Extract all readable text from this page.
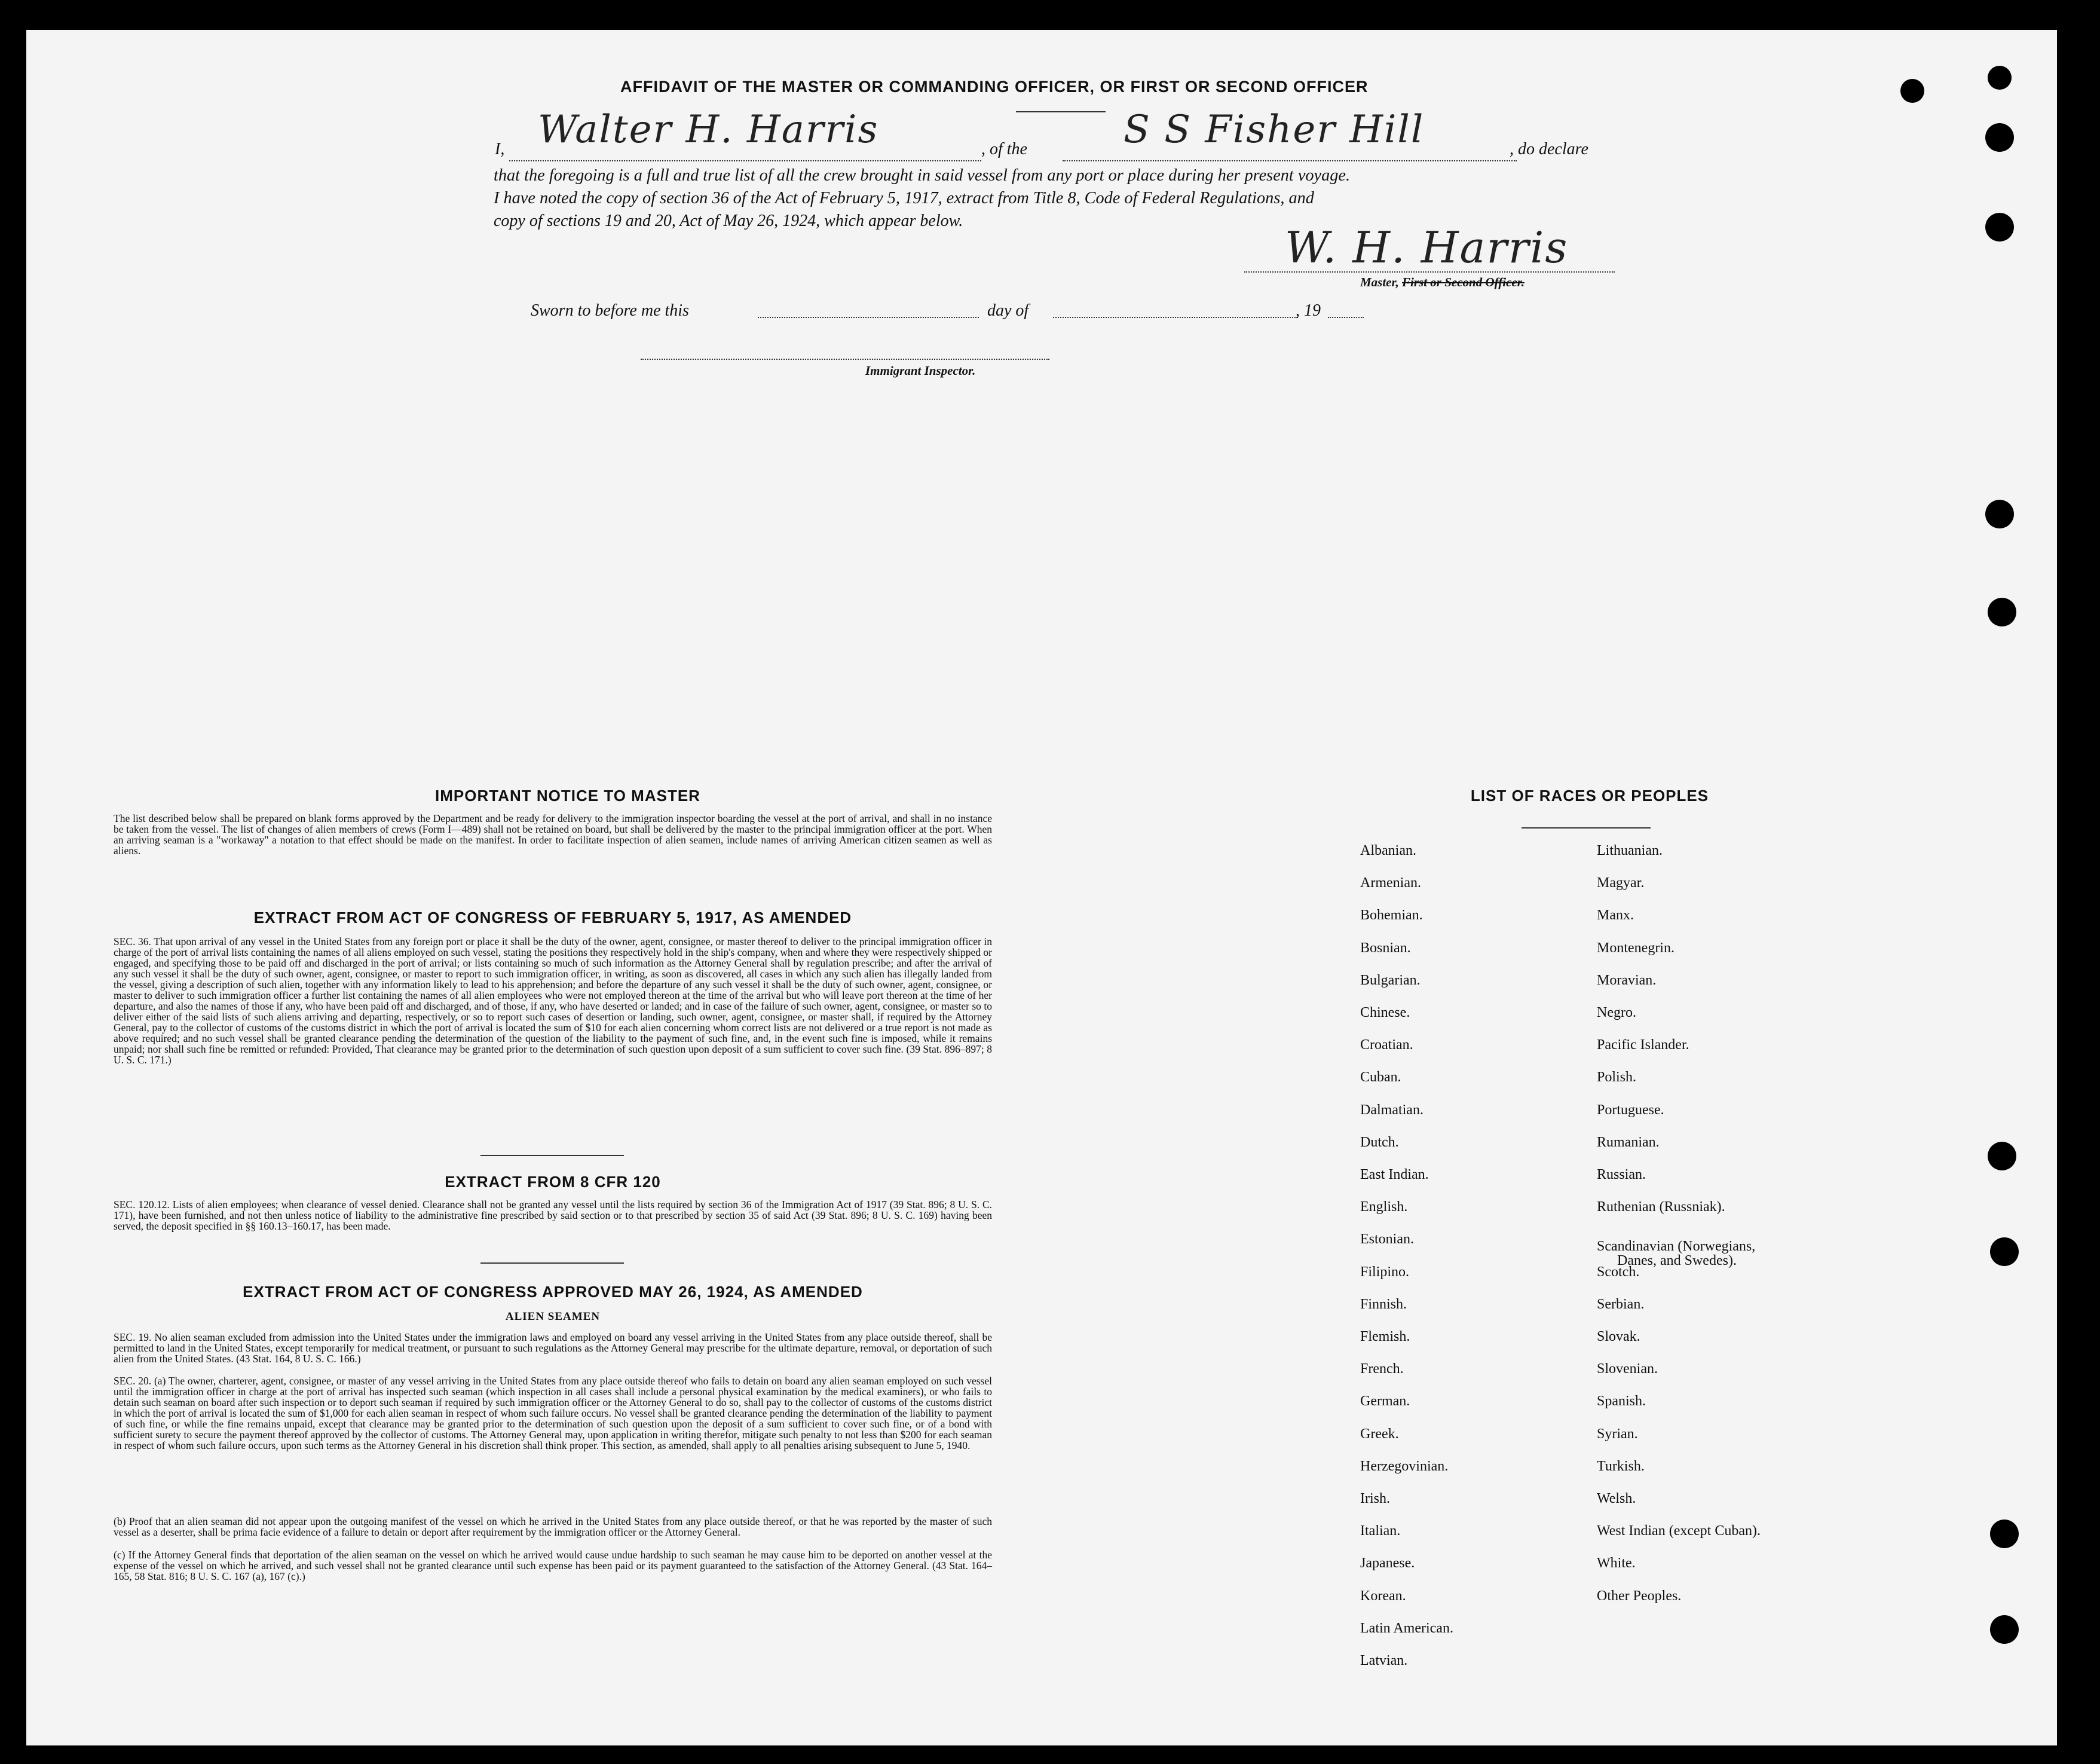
AFFIDAVIT OF THE MASTER OR COMMANDING OFFICER, OR FIRST OR SECOND OFFICER
I, Walter H. Harris	, of the	S S Fisher Hill	, do declare
that the foregoing is a full and true list of all the crew brought in said vessel from any port or place during her present voyage.
I have noted the copy of section 36 of the Act of February 5, 1917, extract from Title 8, Code of Federal Regulations, and
copy of sections 19 and 20, Act of May 26, 1924, which appear below.
W. H. Harris
Master, First or Second Officer.
Sworn to before me this	day of	, 19
Immigrant Inspector.
IMPORTANT NOTICE TO MASTER
The list described below shall be prepared on blank forms approved by the Department and be ready for delivery to the immigration inspector boarding the vessel at the port of arrival, and shall in no instance be taken from the vessel. The list of changes of alien members of crews (Form I—489) shall not be retained on board, but shall be delivered by the master to the principal immigration officer at the port. When an arriving seaman is a "workaway" a notation to that effect should be made on the manifest. In order to facilitate inspection of alien seamen, include names of arriving American citizen seamen as well as aliens.
EXTRACT FROM ACT OF CONGRESS OF FEBRUARY 5, 1917, AS AMENDED
SEC. 36. That upon arrival of any vessel in the United States from any foreign port or place it shall be the duty of the owner, agent, consignee, or master thereof to deliver to the principal immigration officer in charge of the port of arrival lists containing the names of all aliens employed on such vessel, stating the positions they respectively hold in the ship's company, when and where they were respectively shipped or engaged, and specifying those to be paid off and discharged in the port of arrival; or lists containing so much of such information as the Attorney General shall by regulation prescribe; and after the arrival of any such vessel it shall be the duty of such owner, agent, consignee, or master to report to such immigration officer, in writing, as soon as discovered, all cases in which any such alien has illegally landed from the vessel, giving a description of such alien, together with any information likely to lead to his apprehension; and before the departure of any such vessel it shall be the duty of such owner, agent, consignee, or master to deliver to such immigration officer a further list containing the names of all alien employees who were not employed thereon at the time of the arrival but who will leave port thereon at the time of her departure, and also the names of those if any, who have been paid off and discharged, and of those, if any, who have deserted or landed; and in case of the failure of such owner, agent, consignee, or master so to deliver either of the said lists of such aliens arriving and departing, respectively, or so to report such cases of desertion or landing, such owner, agent, consignee, or master shall, if required by the Attorney General, pay to the collector of customs of the customs district in which the port of arrival is located the sum of $10 for each alien concerning whom correct lists are not delivered or a true report is not made as above required; and no such vessel shall be granted clearance pending the determination of the question of the liability to the payment of such fine, and, in the event such fine is imposed, while it remains unpaid; nor shall such fine be remitted or refunded: Provided, That clearance may be granted prior to the determination of such question upon deposit of a sum sufficient to cover such fine. (39 Stat. 896–897; 8 U. S. C. 171.)
EXTRACT FROM 8 CFR 120
SEC. 120.12. Lists of alien employees; when clearance of vessel denied. Clearance shall not be granted any vessel until the lists required by section 36 of the Immigration Act of 1917 (39 Stat. 896; 8 U. S. C. 171), have been furnished, and not then unless notice of liability to the administrative fine prescribed by said section or to that prescribed by section 35 of said Act (39 Stat. 896; 8 U. S. C. 169) having been served, the deposit specified in §§ 160.13–160.17, has been made.
EXTRACT FROM ACT OF CONGRESS APPROVED MAY 26, 1924, AS AMENDED
ALIEN SEAMEN
SEC. 19. No alien seaman excluded from admission into the United States under the immigration laws and employed on board any vessel arriving in the United States from any place outside thereof, shall be permitted to land in the United States, except temporarily for medical treatment, or pursuant to such regulations as the Attorney General may prescribe for the ultimate departure, removal, or deportation of such alien from the United States. (43 Stat. 164, 8 U. S. C. 166.)
SEC. 20. (a) The owner, charterer, agent, consignee, or master of any vessel arriving in the United States from any place outside thereof who fails to detain on board any alien seaman employed on such vessel until the immigration officer in charge at the port of arrival has inspected such seaman (which inspection in all cases shall include a personal physical examination by the medical examiners), or who fails to detain such seaman on board after such inspection or to deport such seaman if required by such immigration officer or the Attorney General to do so, shall pay to the collector of customs of the customs district in which the port of arrival is located the sum of $1,000 for each alien seaman in respect of whom such failure occurs. No vessel shall be granted clearance pending the determination of the liability to payment of such fine, or while the fine remains unpaid, except that clearance may be granted prior to the determination of such question upon the deposit of a sum sufficient to cover such fine, or of a bond with sufficient surety to secure the payment thereof approved by the collector of customs. The Attorney General may, upon application in writing therefor, mitigate such penalty to not less than $200 for each seaman in respect of whom such failure occurs, upon such terms as the Attorney General in his discretion shall think proper. This section, as amended, shall apply to all penalties arising subsequent to June 5, 1940.
(b) Proof that an alien seaman did not appear upon the outgoing manifest of the vessel on which he arrived in the United States from any place outside thereof, or that he was reported by the master of such vessel as a deserter, shall be prima facie evidence of a failure to detain or deport after requirement by the immigration officer or the Attorney General.
(c) If the Attorney General finds that deportation of the alien seaman on the vessel on which he arrived would cause undue hardship to such seaman he may cause him to be deported on another vessel at the expense of the vessel on which he arrived, and such vessel shall not be granted clearance until such expense has been paid or its payment guaranteed to the satisfaction of the Attorney General. (43 Stat. 164–165, 58 Stat. 816; 8 U. S. C. 167 (a), 167 (c).)
LIST OF RACES OR PEOPLES
Albanian.
Armenian.
Bohemian.
Bosnian.
Bulgarian.
Chinese.
Croatian.
Cuban.
Dalmatian.
Dutch.
East Indian.
English.
Estonian.
Filipino.
Finnish.
Flemish.
French.
German.
Greek.
Herzegovinian.
Irish.
Italian.
Japanese.
Korean.
Latin American.
Latvian.
Lithuanian.
Magyar.
Manx.
Montenegrin.
Moravian.
Negro.
Pacific Islander.
Polish.
Portuguese.
Rumanian.
Russian.
Ruthenian (Russniak).
Scandinavian (Norwegians,
Danes, and Swedes).
Scotch.
Serbian.
Slovak.
Slovenian.
Spanish.
Syrian.
Turkish.
Welsh.
West Indian (except Cuban).
White.
Other Peoples.
